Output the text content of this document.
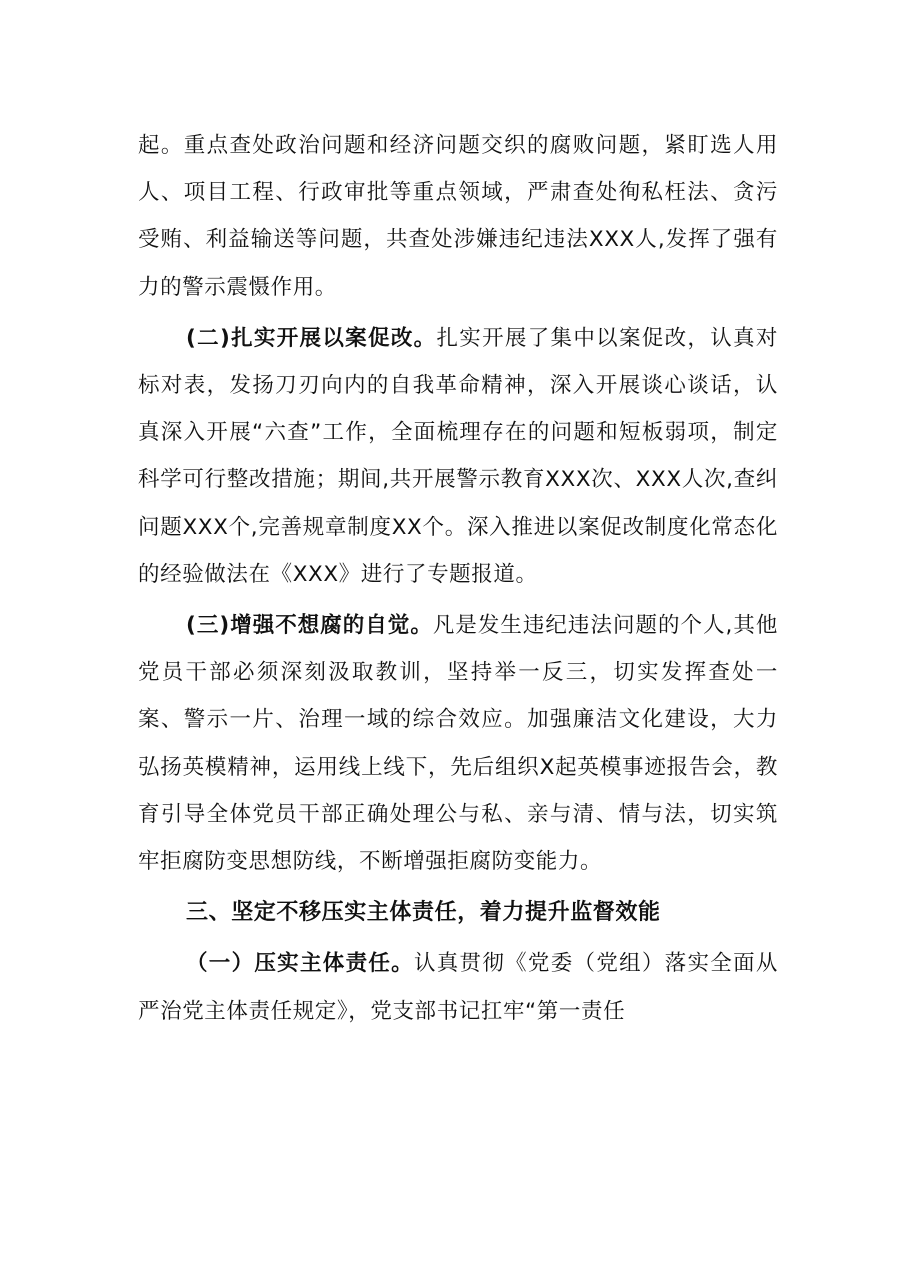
起。重点查处政治问题和经济问题交织的腐败问题，紧盯选人用人、项目工程、行政审批等重点领域，严肃查处徇私枉法、贪污受贿、利益输送等问题，共查处涉嫌违纪违法XXX人,发挥了强有力的警示震慑作用。

(二)扎实开展以案促改。扎实开展了集中以案促改，认真对标对表，发扬刀刃向内的自我革命精神，深入开展谈心谈话，认真深入开展“六查”工作，全面梳理存在的问题和短板弱项，制定科学可行整改措施；期间,共开展警示教育XXX次、XXX人次,查纠问题XXX个,完善规章制度XX个。深入推进以案促改制度化常态化的经验做法在《XXX》进行了专题报道。

(三)增强不想腐的自觉。凡是发生违纪违法问题的个人,其他党员干部必须深刻汲取教训，坚持举一反三，切实发挥查处一案、警示一片、治理一域的综合效应。加强廉洁文化建设，大力弘扬英模精神，运用线上线下，先后组织X起英模事迹报告会，教育引导全体党员干部正确处理公与私、亲与清、情与法，切实筑牢拒腐防变思想防线，不断增强拒腐防变能力。

三、坚定不移压实主体责任，着力提升监督效能

（一）压实主体责任。认真贯彻《党委（党组）落实全面从严治党主体责任规定》，党支部书记扛牢“第一责任
